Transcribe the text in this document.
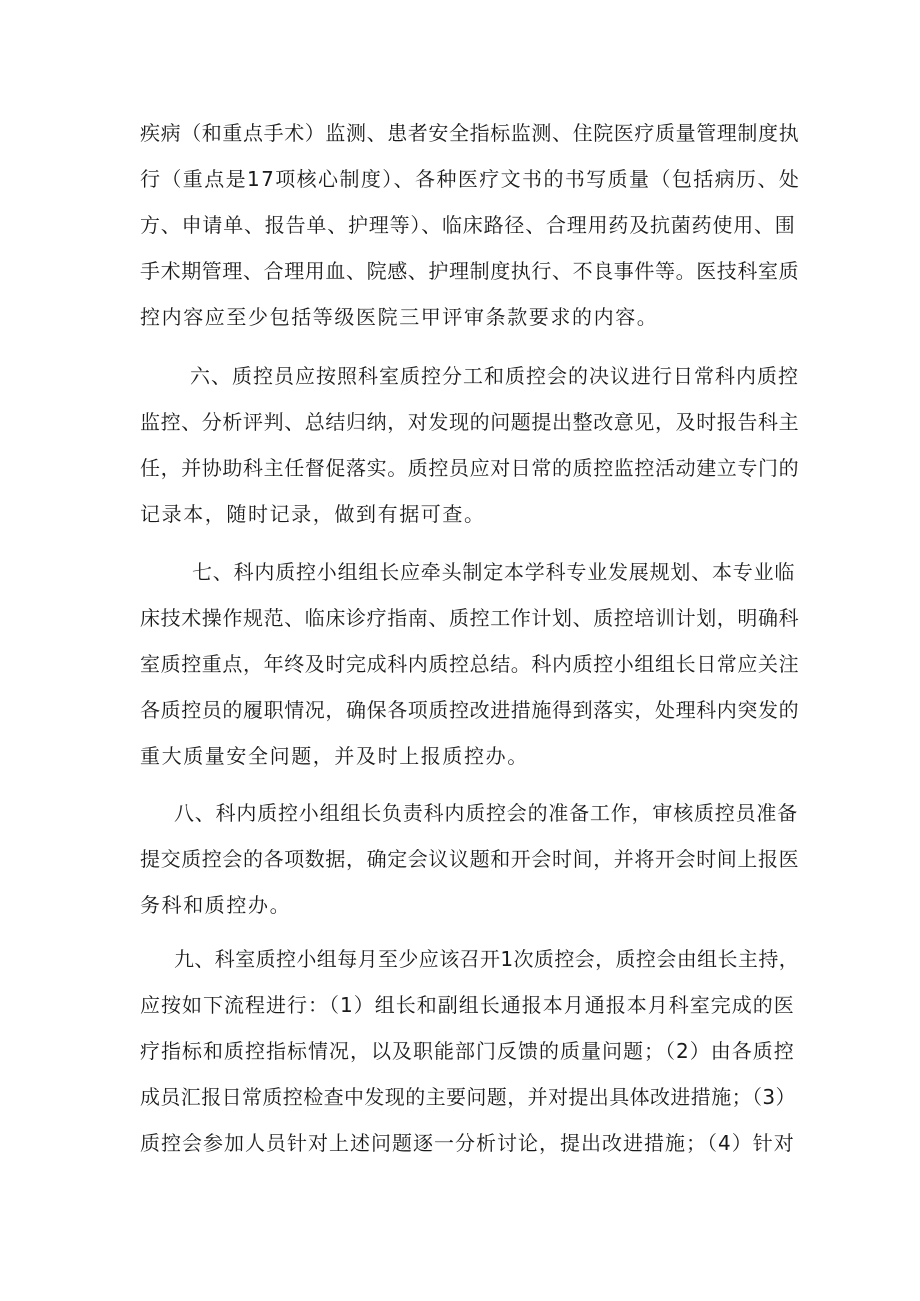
疾病（和重点手术）监测、患者安全指标监测、住院医疗质量管理制度执
行（重点是17项核心制度）、各种医疗文书的书写质量（包括病历、处
方、申请单、报告单、护理等）、临床路径、合理用药及抗菌药使用、围
手术期管理、合理用血、院感、护理制度执行、不良事件等。医技科室质
控内容应至少包括等级医院三甲评审条款要求的内容。
六、质控员应按照科室质控分工和质控会的决议进行日常科内质控
监控、分析评判、总结归纳，对发现的问题提出整改意见，及时报告科主
任，并协助科主任督促落实。质控员应对日常的质控监控活动建立专门的
记录本，随时记录，做到有据可查。
七、科内质控小组组长应牵头制定本学科专业发展规划、本专业临
床技术操作规范、临床诊疗指南、质控工作计划、质控培训计划，明确科
室质控重点，年终及时完成科内质控总结。科内质控小组组长日常应关注
各质控员的履职情况，确保各项质控改进措施得到落实，处理科内突发的
重大质量安全问题，并及时上报质控办。
八、科内质控小组组长负责科内质控会的准备工作，审核质控员准备
提交质控会的各项数据，确定会议议题和开会时间，并将开会时间上报医
务科和质控办。
九、科室质控小组每月至少应该召开1次质控会，质控会由组长主持，
应按如下流程进行：（1）组长和副组长通报本月通报本月科室完成的医
疗指标和质控指标情况，以及职能部门反馈的质量问题；（2）由各质控
成员汇报日常质控检查中发现的主要问题，并对提出具体改进措施；（3）
质控会参加人员针对上述问题逐一分析讨论，提出改进措施；（4）针对
